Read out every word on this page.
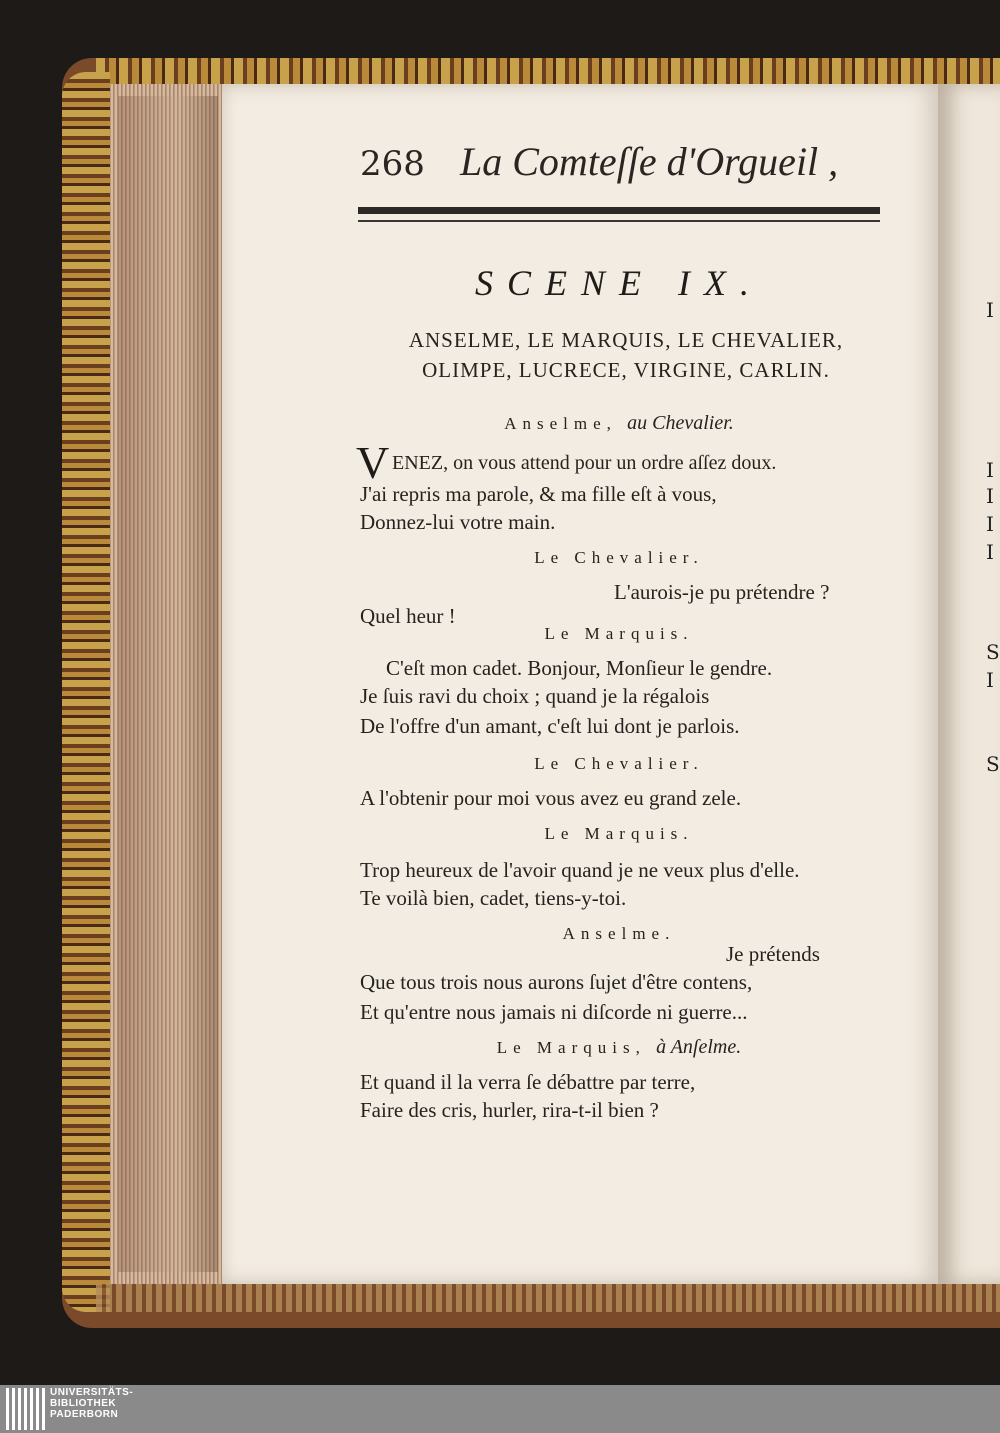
I
I
I
I
I
S
I
S
268 La Comteſſe d'Orgueil ,
SCENE IX.
ANSELME, LE MARQUIS, LE CHEVALIER,
OLIMPE, LUCRECE, VIRGINE, CARLIN.
Anselme, au Chevalier.
V ENEZ, on vous attend pour un ordre aſſez doux.
J'ai repris ma parole, & ma fille eſt à vous,
Donnez-lui votre main.
Le Chevalier.
L'aurois-je pu prétendre ?
Quel heur !
Le Marquis.
C'eſt mon cadet. Bonjour, Monſieur le gendre.
Je ſuis ravi du choix ; quand je la régalois
De l'offre d'un amant, c'eſt lui dont je parlois.
Le Chevalier.
A l'obtenir pour moi vous avez eu grand zele.
Le Marquis.
Trop heureux de l'avoir quand je ne veux plus d'elle.
Te voilà bien, cadet, tiens-y-toi.
Anselme.
Je prétends
Que tous trois nous aurons ſujet d'être contens,
Et qu'entre nous jamais ni diſcorde ni guerre...
Le Marquis, à Anſelme.
Et quand il la verra ſe débattre par terre,
Faire des cris, hurler, rira-t-il bien ?
UNIVERSITÄTS-
BIBLIOTHEK
PADERBORN
